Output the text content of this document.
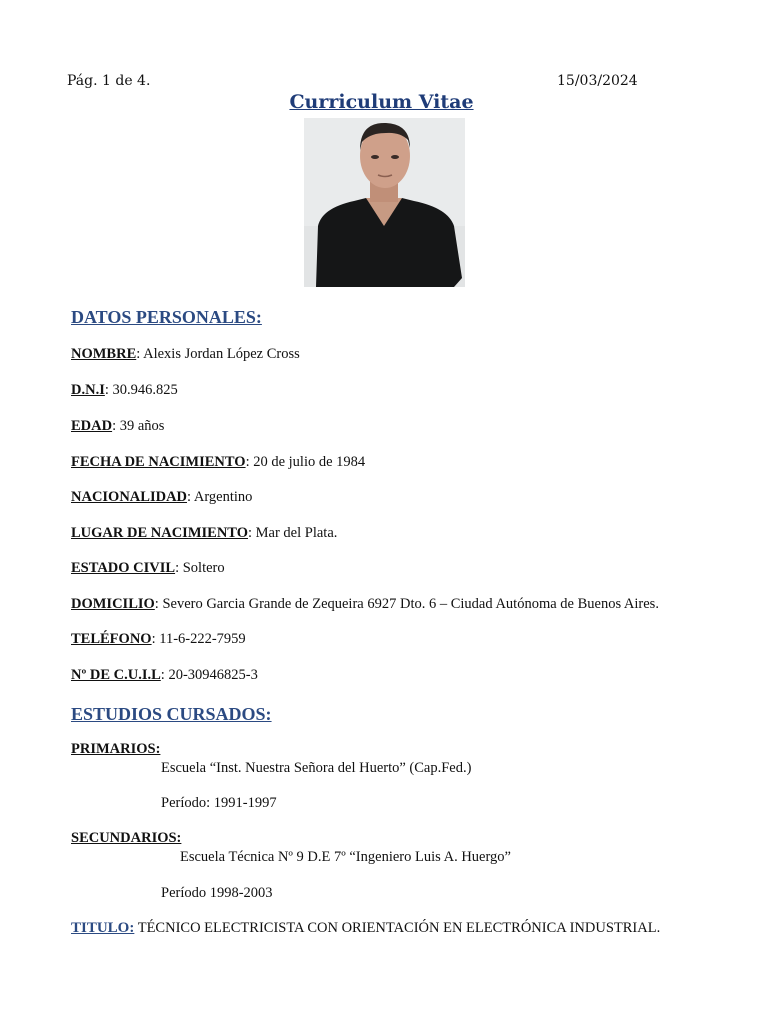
Pág. 1 de 4.	15/03/2024
Curriculum Vitae
DATOS PERSONALES:
NOMBRE: Alexis Jordan López Cross
D.N.I: 30.946.825
EDAD: 39 años
FECHA DE NACIMIENTO: 20 de julio de 1984
NACIONALIDAD: Argentino
LUGAR DE NACIMIENTO: Mar del Plata.
ESTADO CIVIL: Soltero
DOMICILIO: Severo Garcia Grande de Zequeira 6927 Dto. 6 – Ciudad Autónoma de Buenos Aires.
TELÉFONO: 11-6-222-7959
Nº DE C.U.I.L: 20-30946825-3
ESTUDIOS CURSADOS:
PRIMARIOS:
Escuela “Inst. Nuestra Señora del Huerto” (Cap.Fed.)
Período: 1991-1997
SECUNDARIOS:
Escuela Técnica Nº 9 D.E 7º “Ingeniero Luis A. Huergo”
Período 1998-2003
TITULO: TÉCNICO ELECTRICISTA CON ORIENTACIÓN EN ELECTRÓNICA INDUSTRIAL.
